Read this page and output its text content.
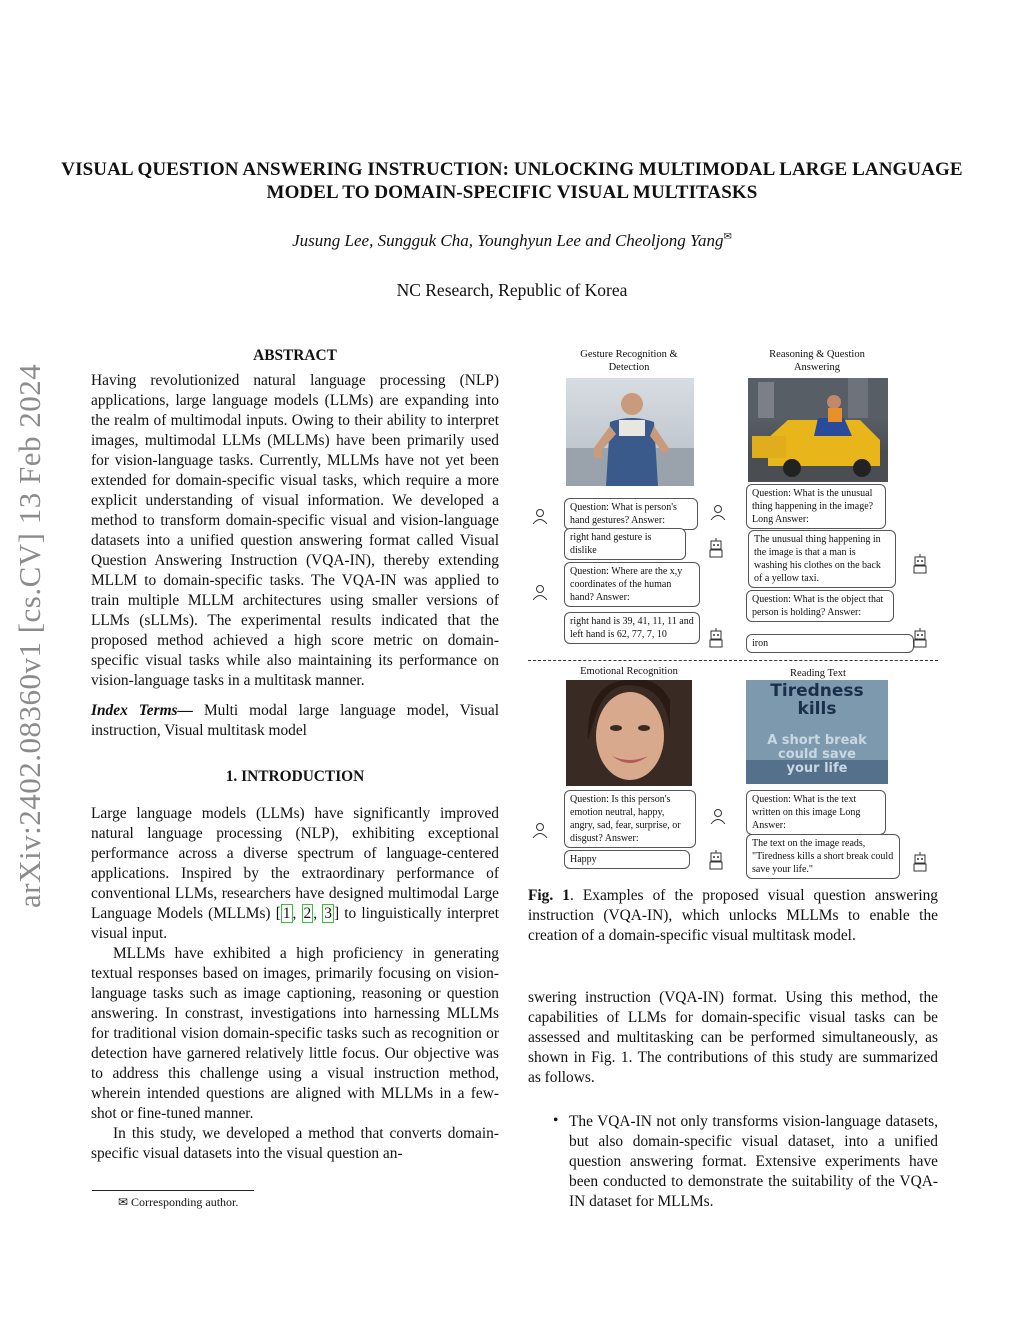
arXiv:2402.08360v1 [cs.CV] 13 Feb 2024
VISUAL QUESTION ANSWERING INSTRUCTION: UNLOCKING MULTIMODAL LARGE LANGUAGE MODEL TO DOMAIN-SPECIFIC VISUAL MULTITASKS
Jusung Lee, Sungguk Cha, Younghyun Lee and Cheoljong Yang✉
NC Research, Republic of Korea

ABSTRACT

Having revolutionized natural language processing (NLP) applications, large language models (LLMs) are expanding into the realm of multimodal inputs. Owing to their ability to interpret images, multimodal LLMs (MLLMs) have been primarily used for vision-language tasks. Currently, MLLMs have not yet been extended for domain-specific visual tasks, which require a more explicit understanding of visual information. We developed a method to transform domain-specific visual and vision-language datasets into a unified question answering format called Visual Question Answering Instruction (VQA-IN), thereby extending MLLM to domain-specific tasks. The VQA-IN was applied to train multiple MLLM architectures using smaller versions of LLMs (sLLMs). The experimental results indicated that the proposed method achieved a high score metric on domain-specific visual tasks while also maintaining its performance on vision-language tasks in a multitask manner.

Index Terms— Multi modal large language model, Visual instruction, Visual multitask model

1. INTRODUCTION

Large language models (LLMs) have significantly improved natural language processing (NLP), exhibiting exceptional performance across a diverse spectrum of language-centered applications. Inspired by the extraordinary performance of conventional LLMs, researchers have designed multimodal Large Language Models (MLLMs) [ 1 , 2 , 3 ] to linguistically interpret visual input.

MLLMs have exhibited a high proficiency in generating textual responses based on images, primarily focusing on vision-language tasks such as image captioning, reasoning or question answering. In constrast, investigations into harnessing MLLMs for traditional vision domain-specific tasks such as recognition or detection have garnered relatively little focus. Our objective was to address this challenge using a visual instruction method, wherein intended questions are aligned with MLLMs in a few-shot or fine-tuned manner.

In this study, we developed a method that converts domain-specific visual datasets into the visual question an-

✉ Corresponding author.
Gesture Recognition & Detection
Reasoning & Question Answering
Question: What is person's hand gestures? Answer:
right hand gesture is dislike
Question: Where are the x,y coordinates of the human hand? Answer:
right hand is 39, 41, 11, 11 and left hand is 62, 77, 7, 10
Question: What is the unusual thing happening in the image? Long Answer:
The unusual thing happening in the image is that a man is washing his clothes on the back of a yellow taxi.
Question: What is the object that person is holding? Answer:
iron
Emotional Recognition	Reading Text
Tiredness
kills
A short break
could save
your life
Question: Is this person's emotion neutral, happy, angry, sad, fear, surprise, or disgust? Answer:
Happy
Question: What is the text written on this image Long Answer:
The text on the image reads, "Tiredness kills a short break could save your life."
Fig. 1. Examples of the proposed visual question answering instruction (VQA-IN), which unlocks MLLMs to enable the creation of a domain-specific visual multitask model.

swering instruction (VQA-IN) format. Using this method, the capabilities of LLMs for domain-specific visual tasks can be assessed and multitasking can be performed simultaneously, as shown in Fig. 1. The contributions of this study are summarized as follows.

• The VQA-IN not only transforms vision-language datasets, but also domain-specific visual dataset, into a unified question answering format. Extensive experiments have been conducted to demonstrate the suitability of the VQA-IN dataset for MLLMs.
